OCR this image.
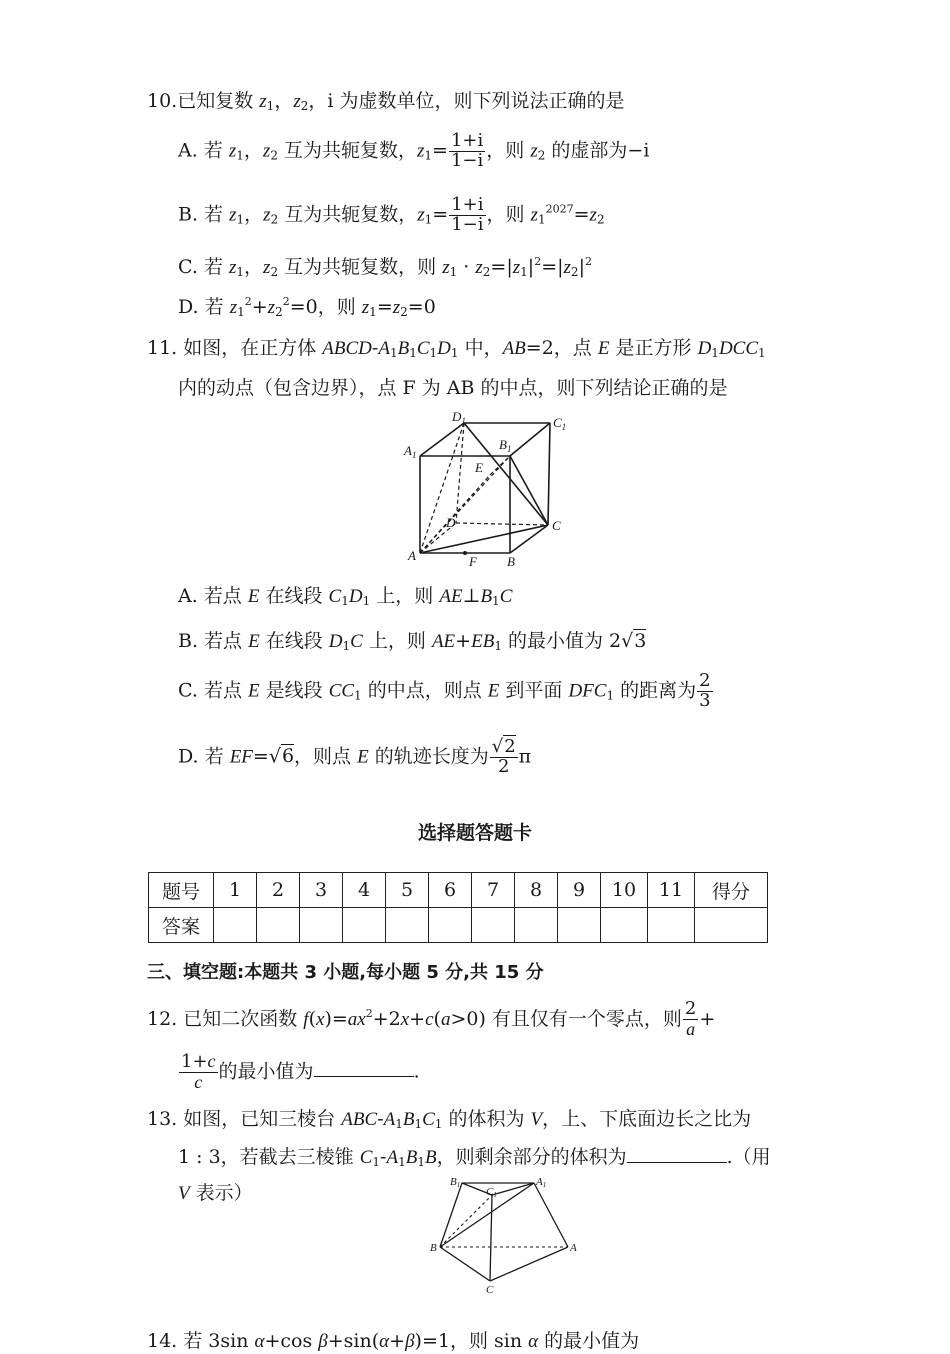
10.已知复数 $z_1$，$z_2$，i 为虚数单位，则下列说法正确的是
A. 若 $z_1$，$z_2$ 互为共轭复数，$z_1= \frac{1+i}{1-i}$ ，则 $z_2$ 的虚部为−i
B. 若 $z_1$，$z_2$ 互为共轭复数，$z_1= \frac{1+i}{1-i}$ ，则 $z_1^{2027}=z_2$
C. 若 $z_1$，$z_2$ 互为共轭复数，则 $z_1 \cdot z_2=|z_1|^2=|z_2|^2$
D. 若 $z_1^2+z_2^2=0$，则 $z_1=z_2=0$
11. 如图，在正方体 ABCD-$A_1B_1C_1D_1$ 中，AB=2，点 E 是正方形 $D_1DCC_1$
内的动点（包含边界），点 F 为 AB 的中点，则下列结论正确的是
$D_1$	$C_1$
$A_1$
$B_1$
E
D	C
A	F B
A. 若点 E 在线段 $C_1D_1$ 上，则 $AE\perp B_1C$
B. 若点 E 在线段 $D_1C$ 上，则 $AE+EB_1$ 的最小值为 2√3
C. 若点 E 是线段 $CC_1$ 的中点，则点 E 到平面 $DFC_1$ 的距离为 $\frac{2}{3}$
D. 若 EF=√6，则点 E 的轨迹长度为 $\frac{√2}{2}$ π
选择题答题卡
题号	1	2	3	4	5	6	7	8	9	10	11	得分
答案												
三、填空题:本题共 3 小题,每小题 5 分,共 15 分
12. 已知二次函数 $f(x)=ax^2+2x+c(a>0)$ 有且仅有一个零点，则 $\frac{2}{a}$ +
$\frac{1+c}{c}$ 的最小值为	.
13. 如图，已知三棱台 ABC-$A_1B_1C_1$ 的体积为 V，上、下底面边长之比为
1 : 3，若截去三棱锥 $C_1-A_1B_1B$，则剩余部分的体积为	.（用
V 表示）	B1
C1
A1
B	A
C
14. 若 3sin α+cos β+sin(α+β)=1，则 sin α 的最小值为
